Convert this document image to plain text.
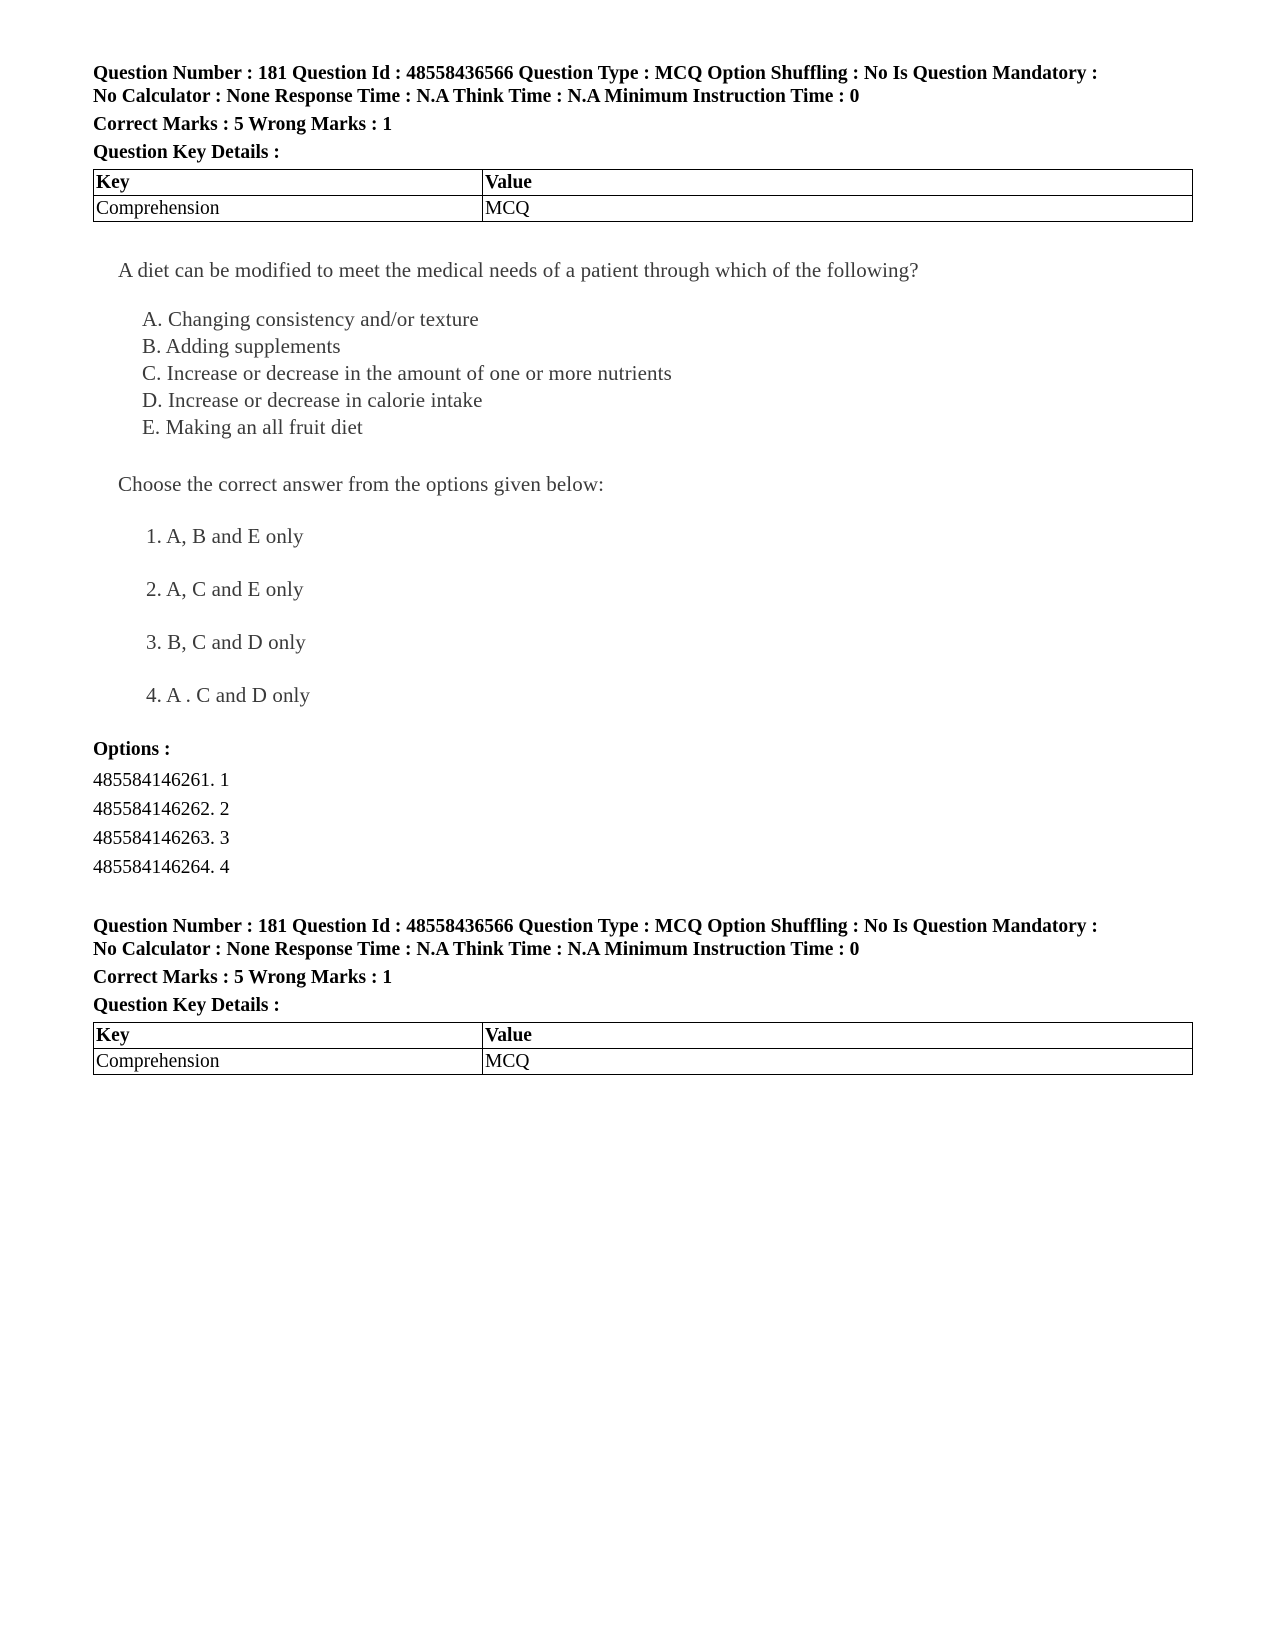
Question Number : 181 Question Id : 48558436566 Question Type : MCQ Option Shuffling : No Is Question Mandatory :
No Calculator : None Response Time : N.A Think Time : N.A Minimum Instruction Time : 0
Correct Marks : 5 Wrong Marks : 1
Question Key Details :
Key	Value
Comprehension	MCQ
A diet can be modified to meet the medical needs of a patient through which of the following?
A. Changing consistency and/or texture
B. Adding supplements
C. Increase or decrease in the amount of one or more nutrients
D. Increase or decrease in calorie intake
E. Making an all fruit diet
Choose the correct answer from the options given below:
1. A, B and E only
2. A, C and E only
3. B, C and D only
4. A . C and D only
Options :
485584146261. 1
485584146262. 2
485584146263. 3
485584146264. 4
Question Number : 181 Question Id : 48558436566 Question Type : MCQ Option Shuffling : No Is Question Mandatory :
No Calculator : None Response Time : N.A Think Time : N.A Minimum Instruction Time : 0
Correct Marks : 5 Wrong Marks : 1
Question Key Details :
Key	Value
Comprehension	MCQ
